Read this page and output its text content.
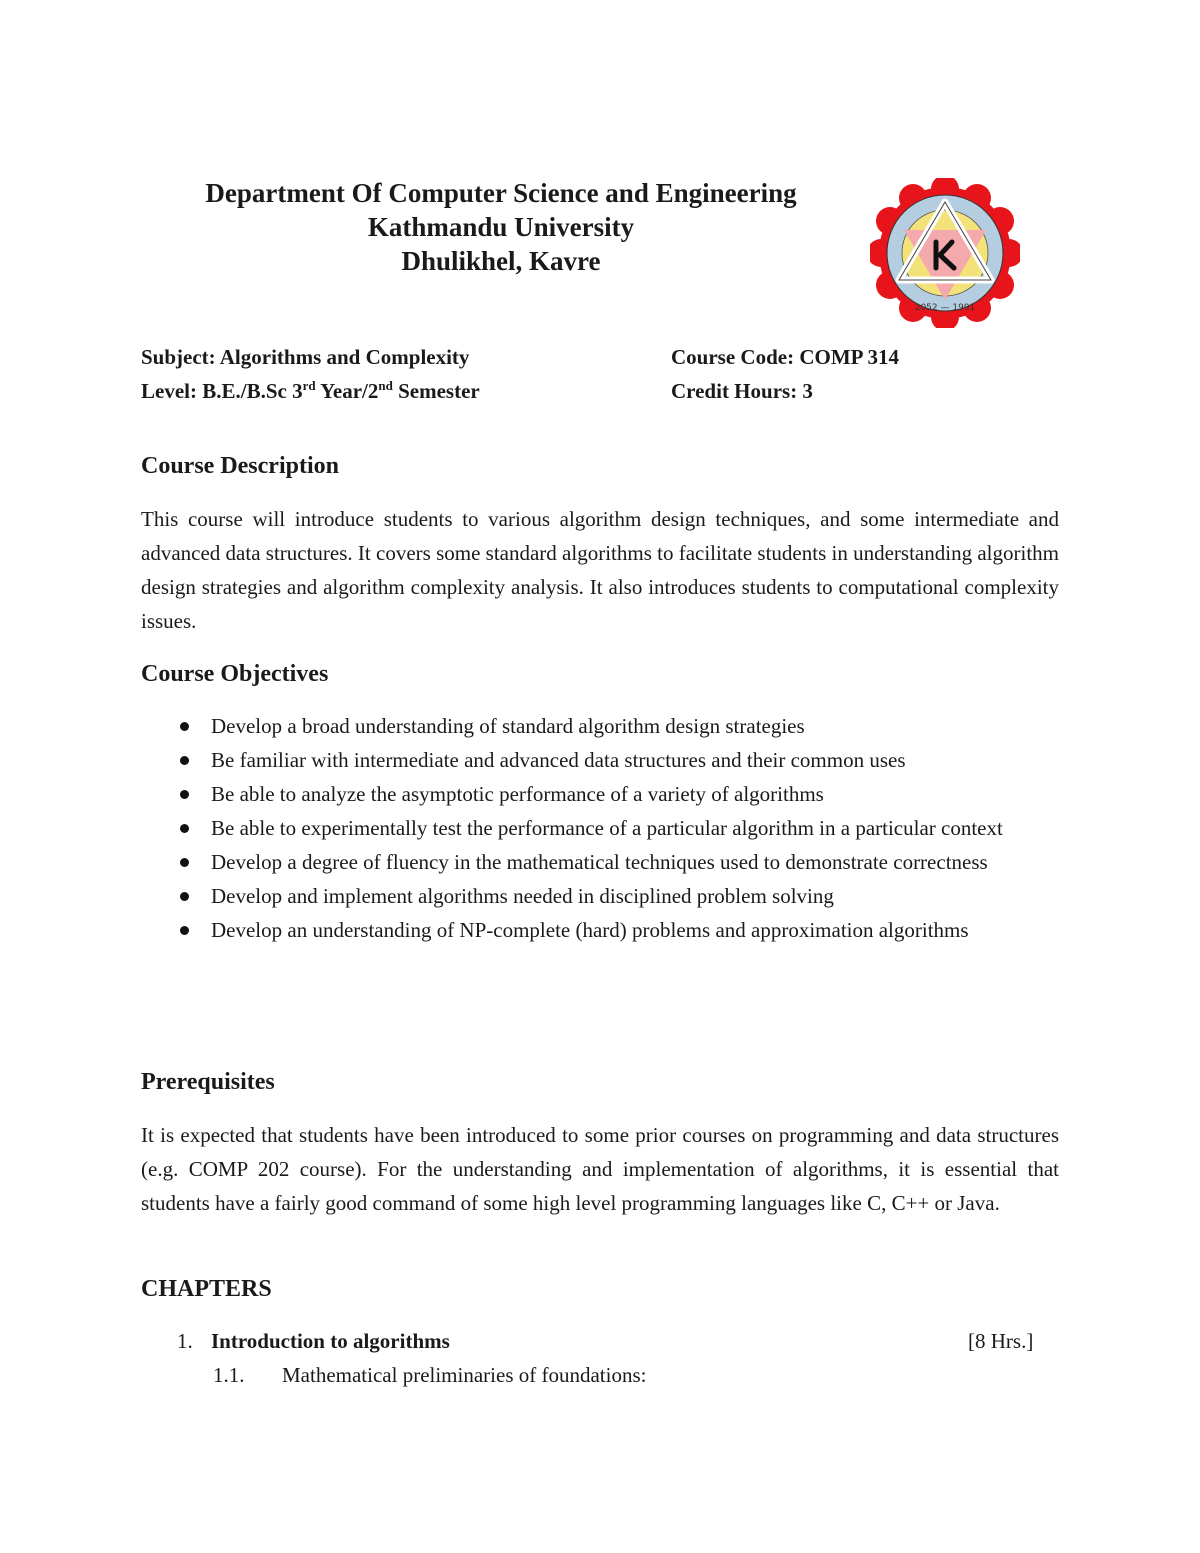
Department Of Computer Science and Engineering
Kathmandu University
Dhulikhel, Kavre
2052 — 1991
Subject: Algorithms and Complexity
Level: B.E./B.Sc 3rd Year/2nd Semester
Course Code: COMP 314
Credit Hours: 3
Course Description

This course will introduce students to various algorithm design techniques, and some intermediate and advanced data structures. It covers some standard algorithms to facilitate students in understanding algorithm design strategies and algorithm complexity analysis. It also introduces students to computational complexity issues.

Course Objectives
Develop a broad understanding of standard algorithm design strategies
Be familiar with intermediate and advanced data structures and their common uses
Be able to analyze the asymptotic performance of a variety of algorithms
Be able to experimentally test the performance of a particular algorithm in a particular context
Develop a degree of fluency in the mathematical techniques used to demonstrate correctness
Develop and implement algorithms needed in disciplined problem solving
Develop an understanding of NP-complete (hard) problems and approximation algorithms
Prerequisites

It is expected that students have been introduced to some prior courses on programming and data structures (e.g. COMP 202 course). For the understanding and implementation of algorithms, it is essential that students have a fairly good command of some high level programming languages like C, C++ or Java.

CHAPTERS
1. Introduction to algorithms	[8 Hrs.]
1.1. Mathematical preliminaries of foundations:
